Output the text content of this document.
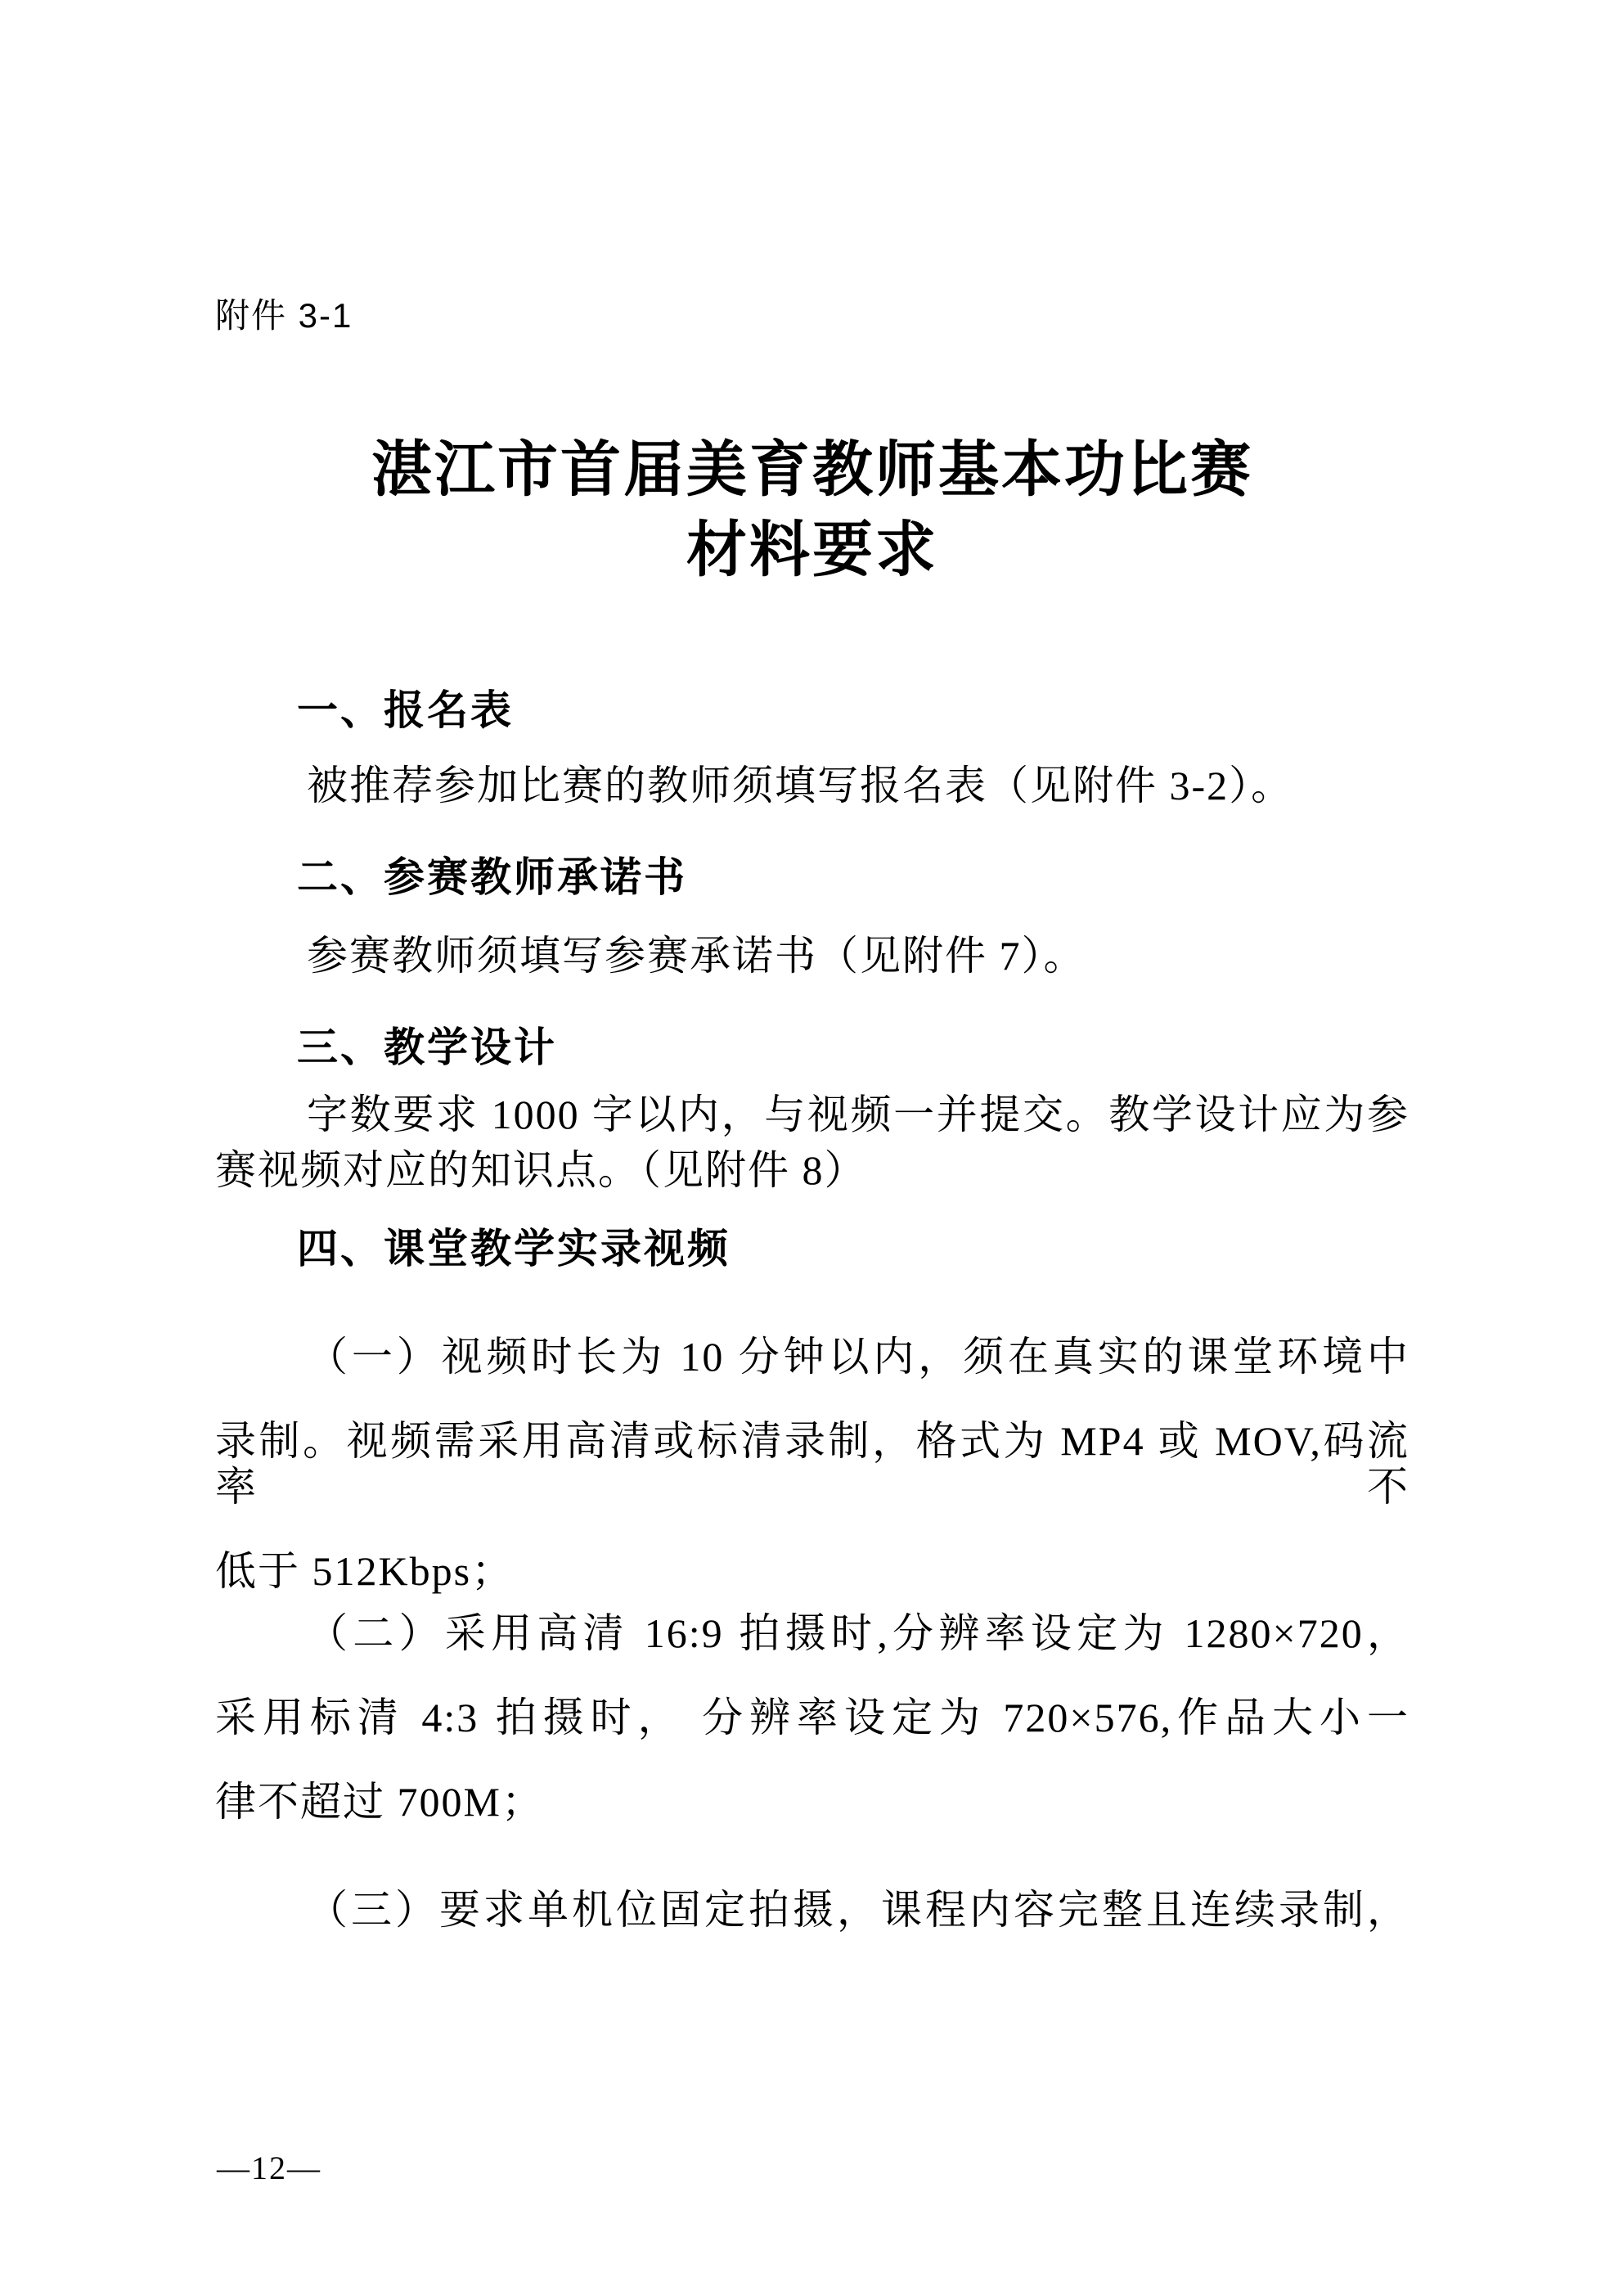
附件 3-1
湛江市首届美育教师基本功比赛
材料要求
一、报名表

被推荐参加比赛的教师须填写报名表（见附件 3-2）。

二、参赛教师承诺书

参赛教师须填写参赛承诺书（见附件 7）。

三、教学设计

字数要求 1000 字以内，与视频一并提交。教学设计应为参

赛视频对应的知识点。（见附件 8）

四、课堂教学实录视频

（一）视频时长为 10 分钟以内，须在真实的课堂环境中

录制。视频需采用高清或标清录制，格式为 MP4 或 MOV,码流率不

低于 512Kbps；

（二）采用高清 16:9 拍摄时,分辨率设定为 1280×720，

采用标清 4:3 拍摄时， 分辨率设定为 720×576,作品大小一

律不超过 700M；

（三）要求单机位固定拍摄，课程内容完整且连续录制，

—12—
